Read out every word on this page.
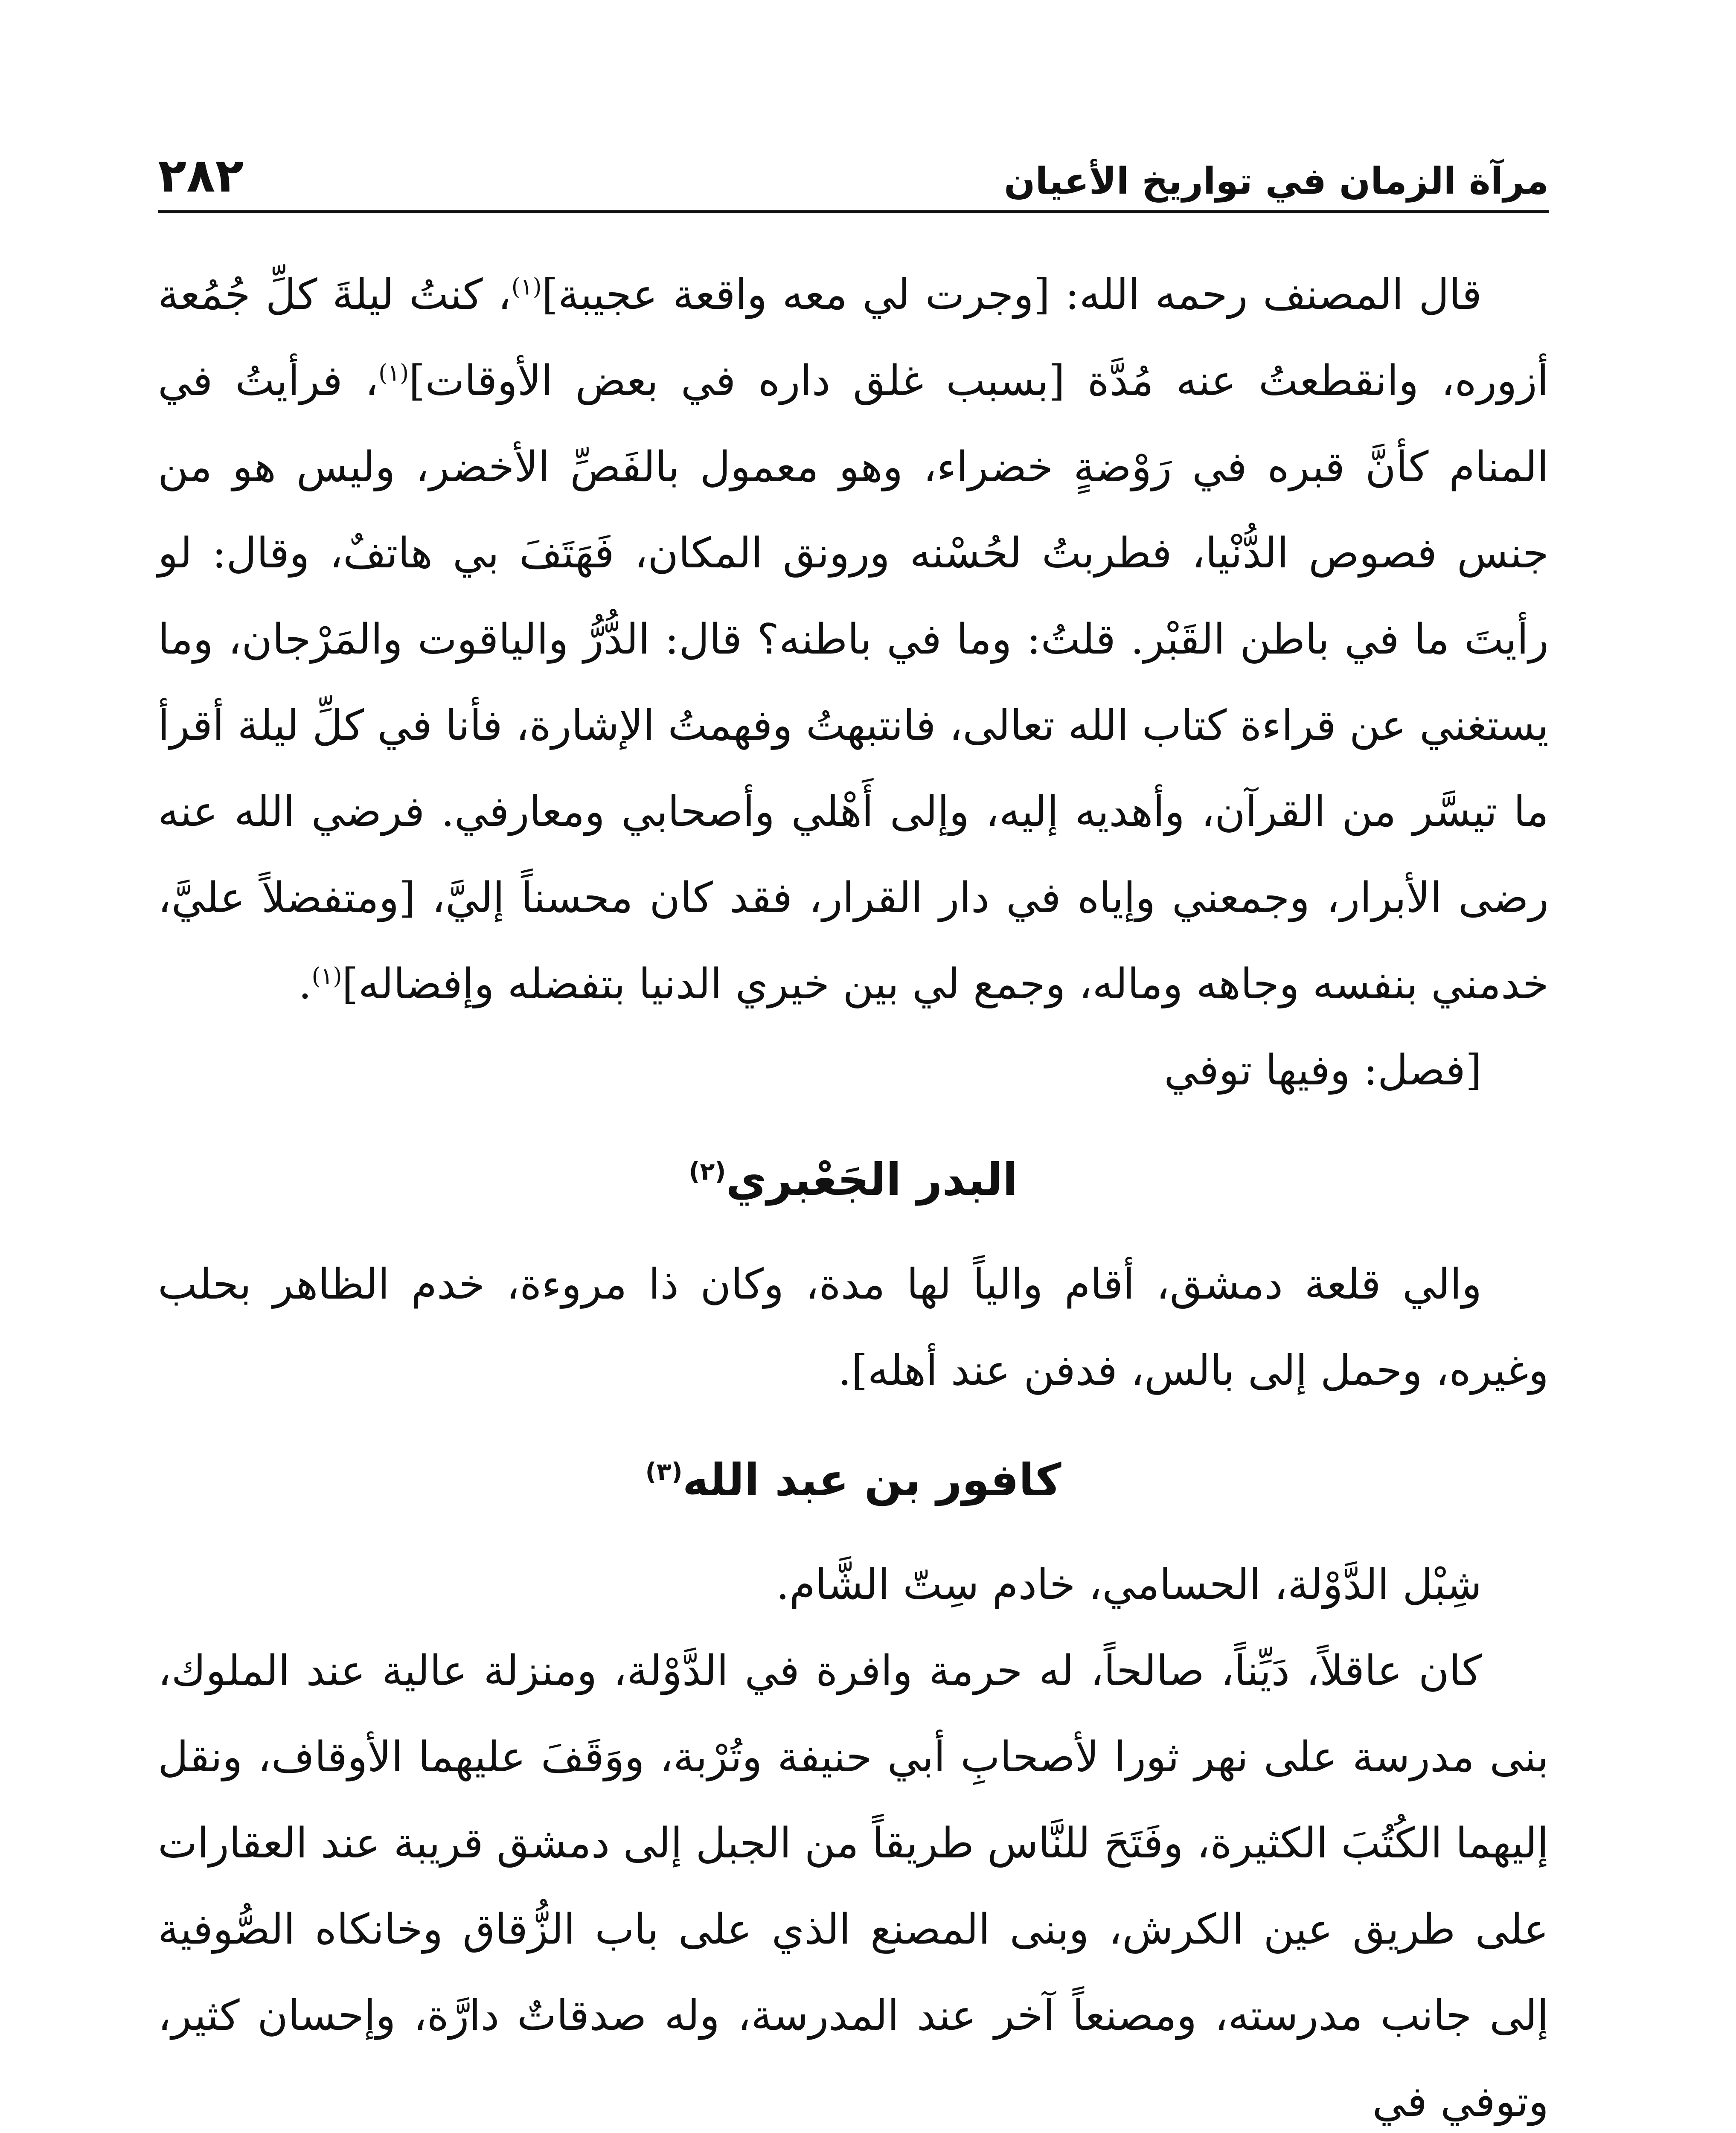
مرآة الزمان في تواريخ الأعيان
٢٨٢

قال المصنف رحمه الله: [وجرت لي معه واقعة عجيبة]$^{(١)}$، كنتُ ليلةَ كلِّ جُمُعة أزوره، وانقطعتُ عنه مُدَّة [بسبب غلق داره في بعض الأوقات]$^{(١)}$، فرأيتُ في المنام كأنَّ قبره في رَوْضةٍ خضراء، وهو معمول بالفَصِّ الأخضر، وليس هو من جنس فصوص الدُّنْيا، فطربتُ لحُسْنه ورونق المكان، فَهَتَفَ بي هاتفٌ، وقال: لو رأيتَ ما في باطن القَبْر. قلتُ: وما في باطنه؟ قال: الدُّرُّ والياقوت والمَرْجان، وما يستغني عن قراءة كتاب الله تعالى، فانتبهتُ وفهمتُ الإشارة، فأنا في كلِّ ليلة أقرأ ما تيسَّر من القرآن، وأهديه إليه، وإلى أَهْلي وأصحابي ومعارفي. فرضي الله عنه رضى الأبرار، وجمعني وإياه في دار القرار، فقد كان محسناً إليَّ، [ومتفضلاً عليَّ، خدمني بنفسه وجاهه وماله، وجمع لي بين خيري الدنيا بتفضله وإفضاله]$^{(١)}$.

[فصل: وفيها توفي

البدر الجَعْبري$^{(٢)}$

والي قلعة دمشق، أقام والياً لها مدة، وكان ذا مروءة، خدم الظاهر بحلب وغيره، وحمل إلى بالس، فدفن عند أهله].

كافور بن عبد الله$^{(٣)}$

شِبْل الدَّوْلة، الحسامي، خادم سِتّ الشَّام.

كان عاقلاً، دَيِّناً، صالحاً، له حرمة وافرة في الدَّوْلة، ومنزلة عالية عند الملوك، بنى مدرسة على نهر ثورا لأصحابِ أبي حنيفة وتُرْبة، ووَقَفَ عليهما الأوقاف، ونقل إليهما الكُتُبَ الكثيرة، وفَتَحَ للنَّاس طريقاً من الجبل إلى دمشق قريبة عند العقارات على طريق عين الكرش، وبنى المصنع الذي على باب الزُّقاق وخانكاه الصُّوفية إلى جانب مدرسته، ومصنعاً آخر عند المدرسة، وله صدقاتٌ دارَّة، وإحسان كثير، وتوفي في
